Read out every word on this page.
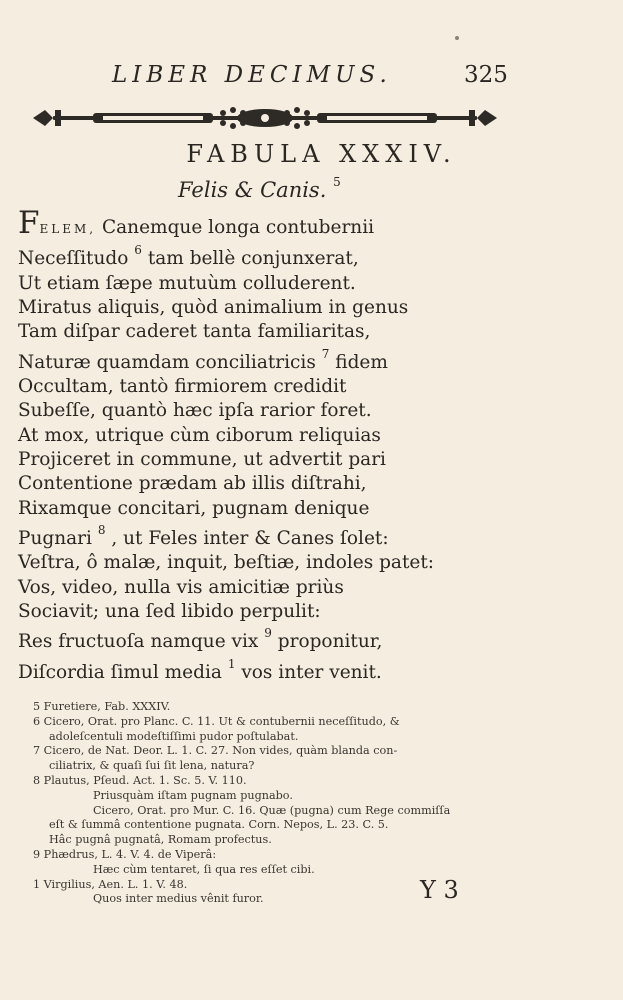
LIBER DECIMUS.	325
FABULA XXXIV.
Felis & Canis. $^5$
FELEM, Canemque longa contubernii
Neceſſitudo $^6$ tam bellè conjunxerat,
Ut etiam ſæpe mutuùm colluderent.
Miratus aliquis, quòd animalium in genus
Tam diſpar caderet tanta familiaritas,
Naturæ quamdam conciliatricis $^7$ fidem
Occultam, tantò firmiorem credidit
Subeſſe, quantò hæc ipſa rarior foret.
At mox, utrique cùm ciborum reliquias
Projiceret in commune, ut advertit pari
Contentione prædam ab illis diſtrahi,
Rixamque concitari, pugnam denique
Pugnari $^8$ , ut Feles inter & Canes ſolet:
Veſtra, ô malæ, inquit, beſtiæ, indoles patet:
Vos, video, nulla vis amicitiæ priùs
Sociavit; una ſed libido perpulit:
Res fructuoſa namque vix $^9$ proponitur,
Diſcordia ſimul media $^1$ vos inter venit.
5 Furetiere, Fab. XXXIV.
6 Cicero, Orat. pro Planc. C. 11. Ut & contubernii neceſſitudo, &
adoleſcentuli modeſtiſſimi pudor poſtulabat.
7 Cicero, de Nat. Deor. L. 1. C. 27. Non vides, quàm blanda con-
ciliatrix, & quaſi ſui ſit lena, natura?
8 Plautus, Pſeud. Act. 1. Sc. 5. V. 110.
Priusquàm iſtam pugnam pugnabo.
Cicero, Orat. pro Mur. C. 16. Quæ (pugna) cum Rege commiſſa
eſt & ſummâ contentione pugnata. Corn. Nepos, L. 23. C. 5.
Hâc pugnâ pugnatâ, Romam profectus.
9 Phædrus, L. 4. V. 4. de Viperâ:
Hæc cùm tentaret, ſi qua res eſſet cibi.
1 Virgilius, Aen. L. 1. V. 48.
Quos inter medius vênit furor.	Y 3
